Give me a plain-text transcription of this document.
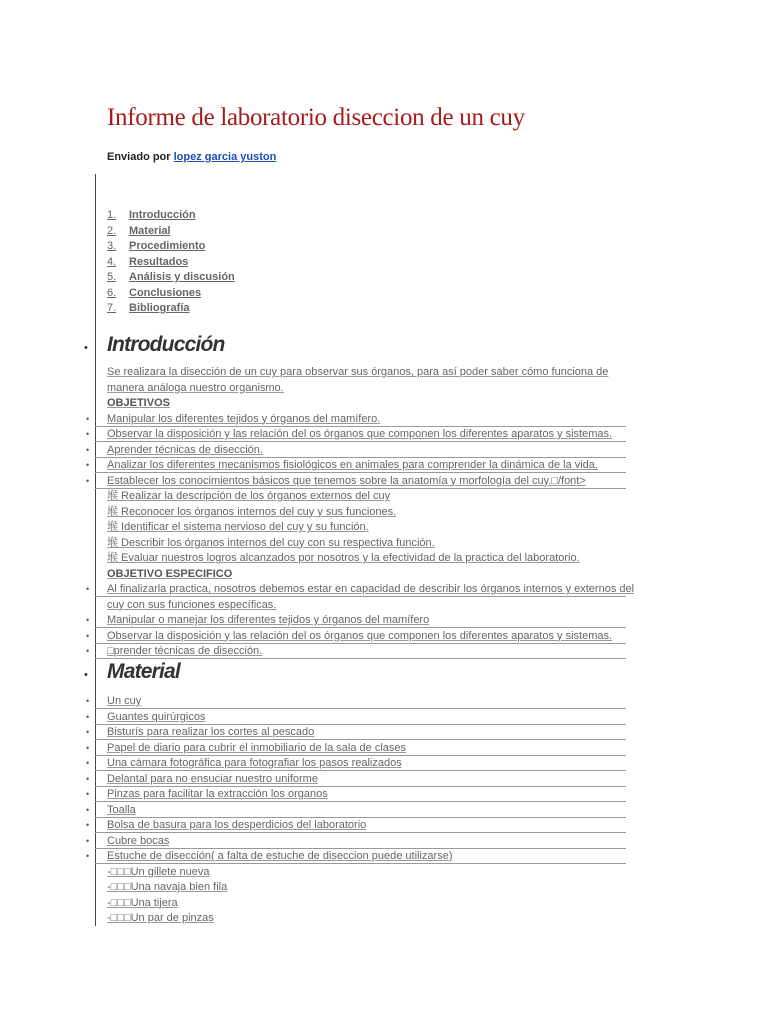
Informe de laboratorio diseccion de un cuy
Enviado por lopez garcia yuston
1. Introducción
2. Material
3. Procedimiento
4. Resultados
5. Análisis y discusión
6. Conclusiones
7. Bibliografía
• Introducción
Se realizara la disección de un cuy para observar sus órganos, para así poder saber cómo funciona de
manera análoga nuestro organismo.
OBJETIVOS
• Manipular los diferentes tejidos y órganos del mamífero.
• Observar la disposición y las relación del os órganos que componen los diferentes aparatos y sistemas.
• Aprender técnicas de disección.
• Analizar los diferentes mecanismos fisiológicos en animales para comprender la dinámica de la vida.
• Establecer los conocimientos básicos que tenemos sobre la anatomía y morfología del cuy.□/font>
堠 Realizar la descripción de los órganos externos del cuy
堠 Reconocer los órganos internos del cuy y sus funciones.
堠 Identificar el sistema nervioso del cuy y su función.
堠 Describir los órganos internos del cuy con su respectiva función.
堠 Evaluar nuestros logros alcanzados por nosotros y la efectividad de la practica del laboratorio.
OBJETIVO ESPECIFICO
• Al finalizarla practica, nosotros debemos estar en capacidad de describir los órganos internos y externos del
cuy con sus funciones específicas.
• Manipular o manejar los diferentes tejidos y órganos del mamífero
• Observar la disposición y las relación del os órganos que componen los diferentes aparatos y sistemas.
• □prender técnicas de disección.
• Material
• Un cuy
• Guantes quirúrgicos
• Bisturís para realizar los cortes al pescado
• Papel de diario para cubrir el inmobiliario de la sala de clases
• Una cámara fotográfica para fotografiar los pasos realizados
• Delantal para no ensuciar nuestro uniforme
• Pinzas para facilitar la extracción los organos
• Toalla
• Bolsa de basura para los desperdicios del laboratorio
• Cubre bocas
• Estuche de disección( a falta de estuche de diseccion puede utilizarse)
-□□□Un gillete nueva
-□□□Una navaja bien fila
-□□□Una tijera
-□□□Un par de pinzas
